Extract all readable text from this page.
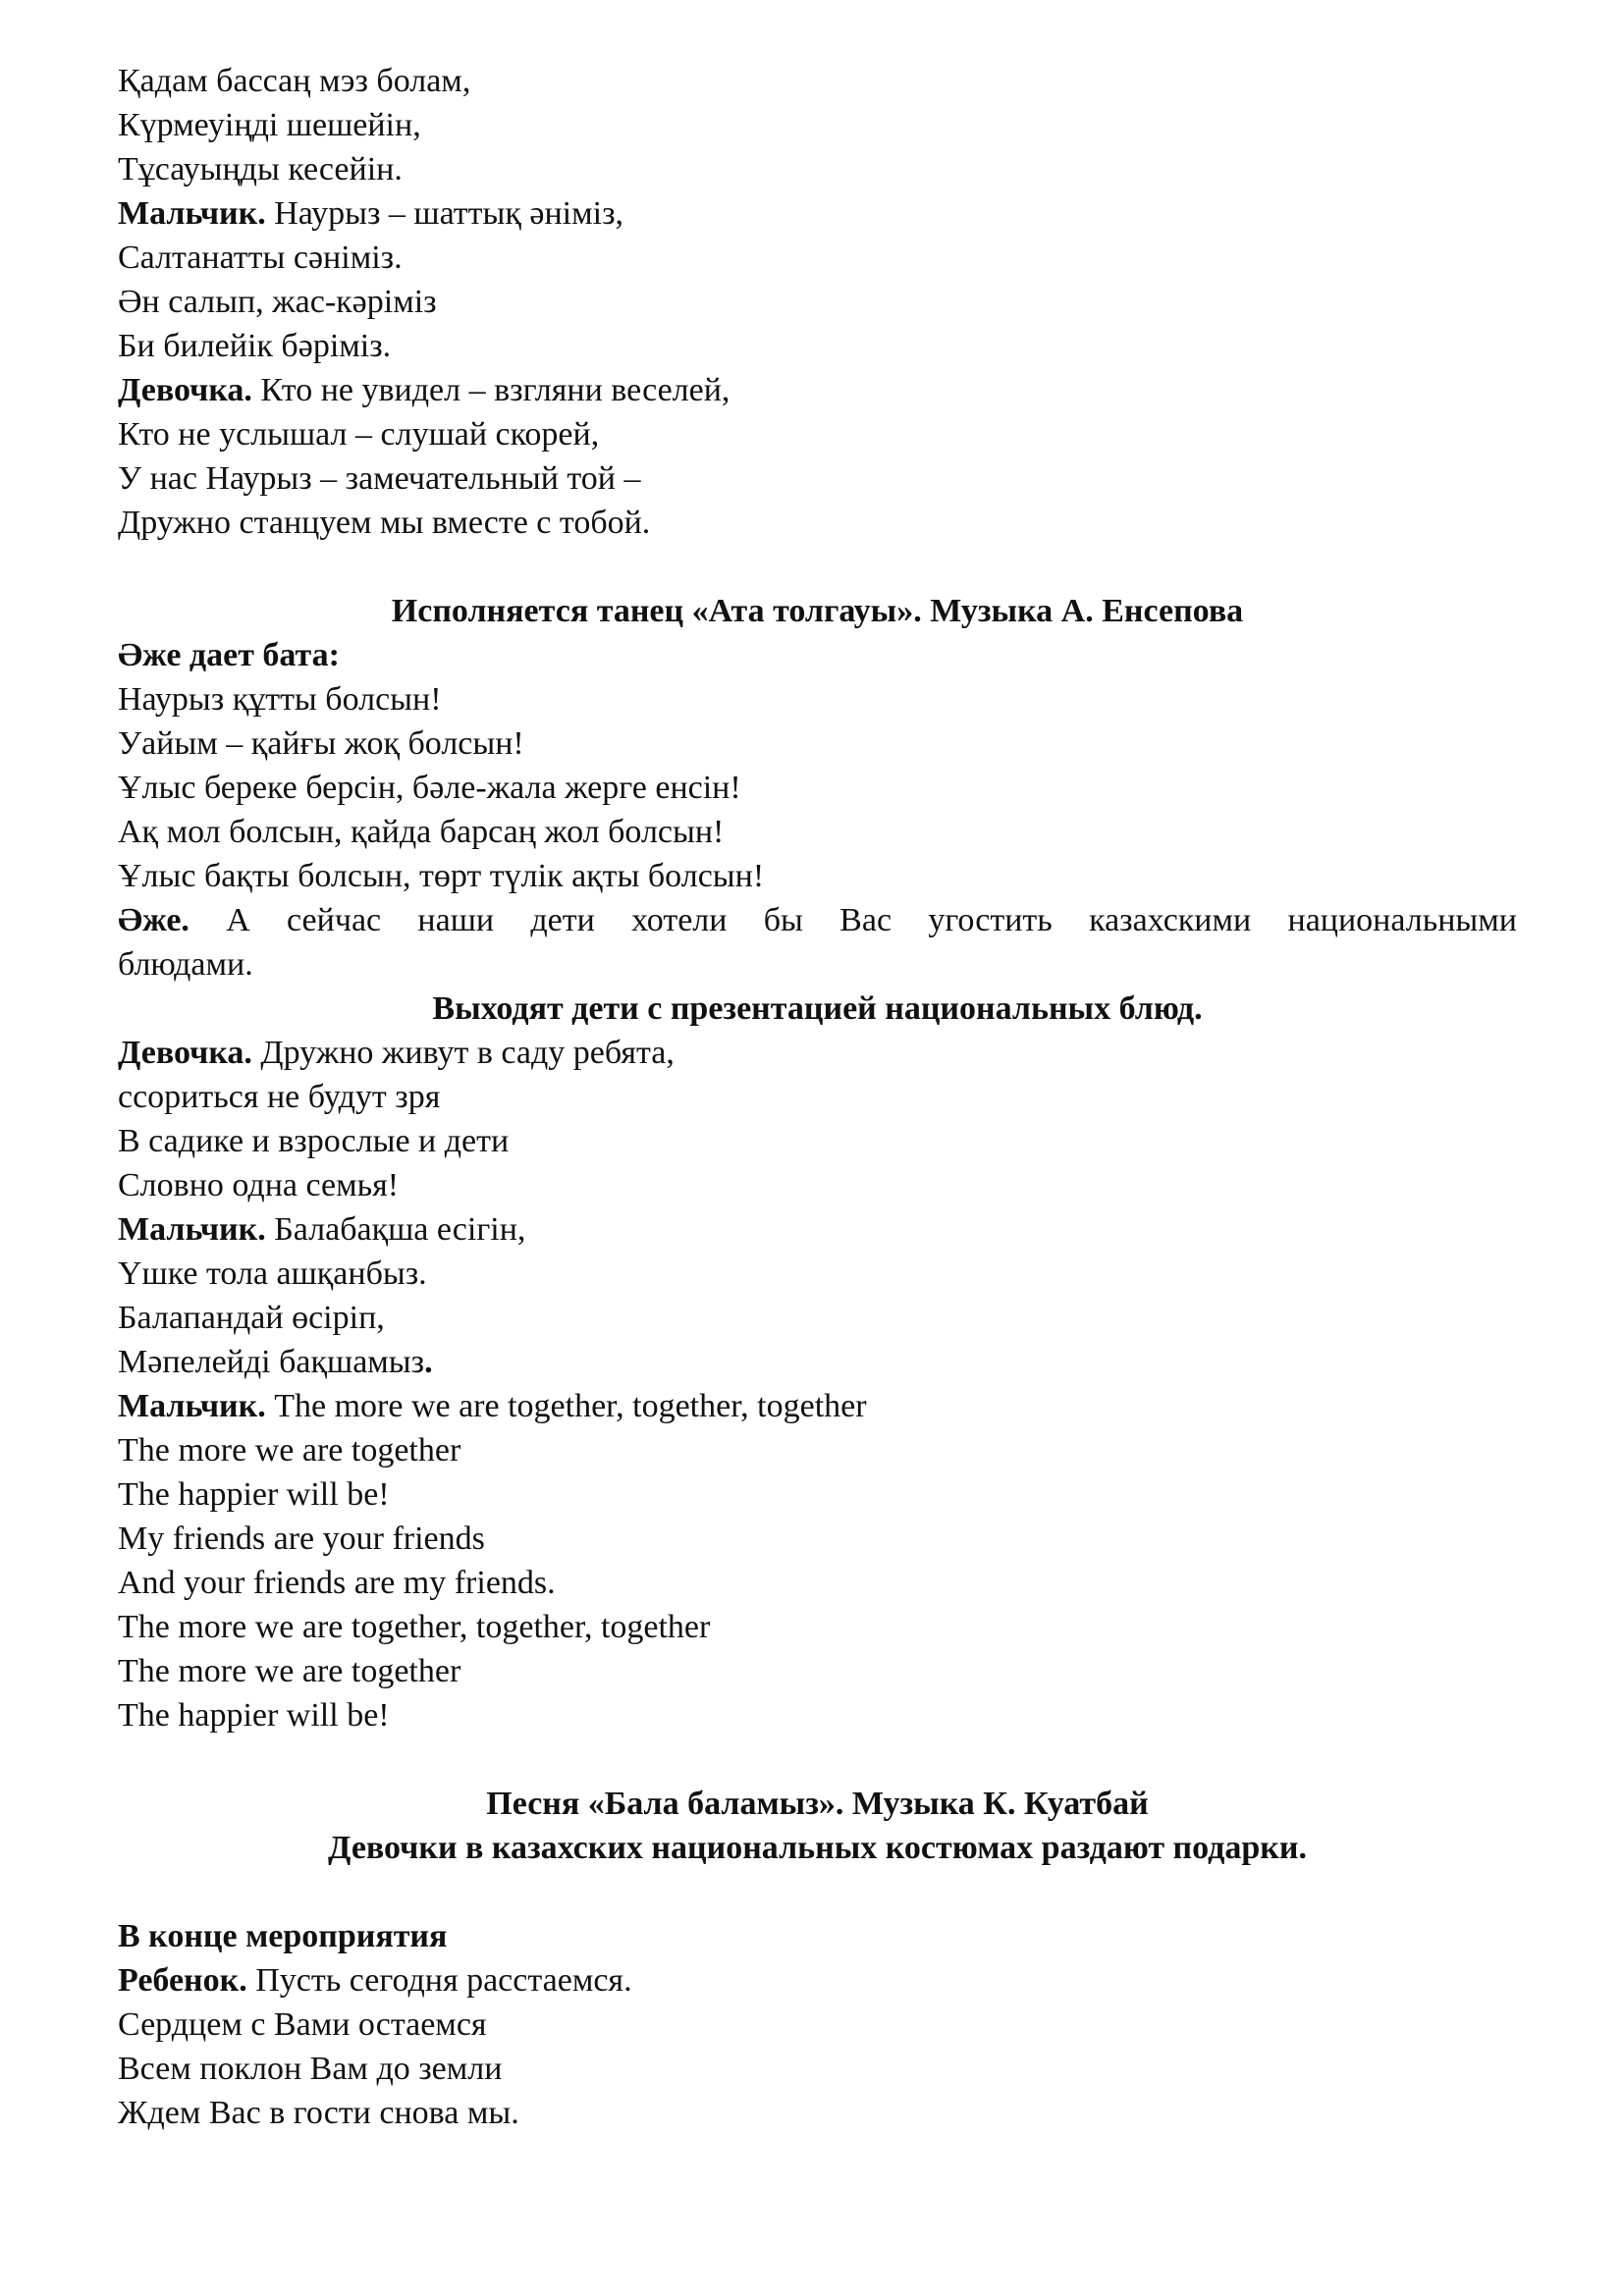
Қадам бассаң мэз болам,
Күрмеуіңді шешейін,
Тұсауыңды кесейін.
Мальчик. Наурыз – шаттық әніміз,
Салтанатты сәніміз.
Ән салып, жас-кәріміз
Би билейік бәріміз.
Девочка. Кто не увидел – взгляни веселей,
Кто не услышал – слушай скорей,
У нас Наурыз – замечательный той –
Дружно станцуем мы вместе с тобой.
Исполняется танец «Ата толгауы». Музыка А. Енсепова
Әже дает бата:
Наурыз құтты болсын!
Уайым – қайғы жоқ болсын!
Ұлыс береке берсін, бәле-жала жерге енсін!
Ақ мол болсын, қайда барсаң жол болсын!
Ұлыс бақты болсын, төрт түлік ақты болсын!
Әже. А сейчас наши дети хотели бы Вас угостить казахскими национальными
блюдами.
Выходят дети с презентацией национальных блюд.
Девочка. Дружно живут в саду ребята,
ссориться не будут зря
В садике и взрослые и дети
Словно одна семья!
Мальчик. Балабақша есігін,
Үшке тола ашқанбыз.
Балапандай өсіріп,
Мәпелейді бақшамыз.
Мальчик. The more we are together, together, together
The more we are together
The happier will be!
My friends are your friends
And your friends are my friends.
The more we are together, together, together
The more we are together
The happier will be!
Песня «Бала баламыз». Музыка К. Куатбай
Девочки в казахских национальных костюмах раздают подарки.
В конце мероприятия
Ребенок. Пусть сегодня расстаемся.
Сердцем с Вами остаемся
Всем поклон Вам до земли
Ждем Вас в гости снова мы.
